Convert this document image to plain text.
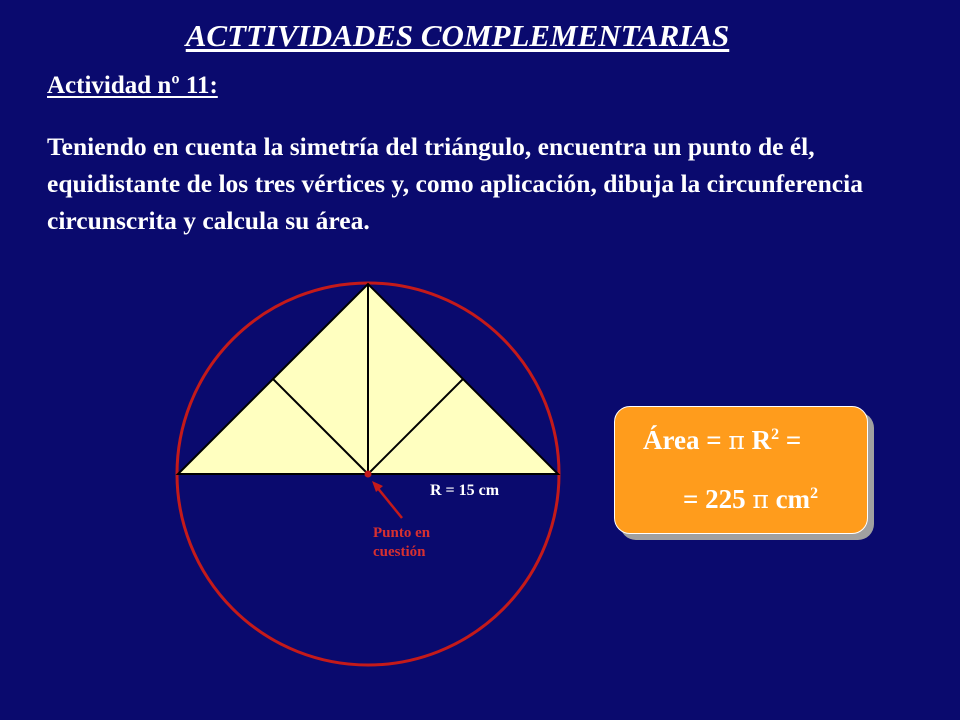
ACTTIVIDADES COMPLEMENTARIAS
Actividad nº 11:
Teniendo en cuenta la simetría del triángulo, encuentra un punto de él, equidistante de los tres vértices y, como aplicación, dibuja la circunferencia circunscrita y calcula su área.
R = 15 cm
Punto en
cuestión
Área = π $R^2$ =
= 225 π $cm^2$
